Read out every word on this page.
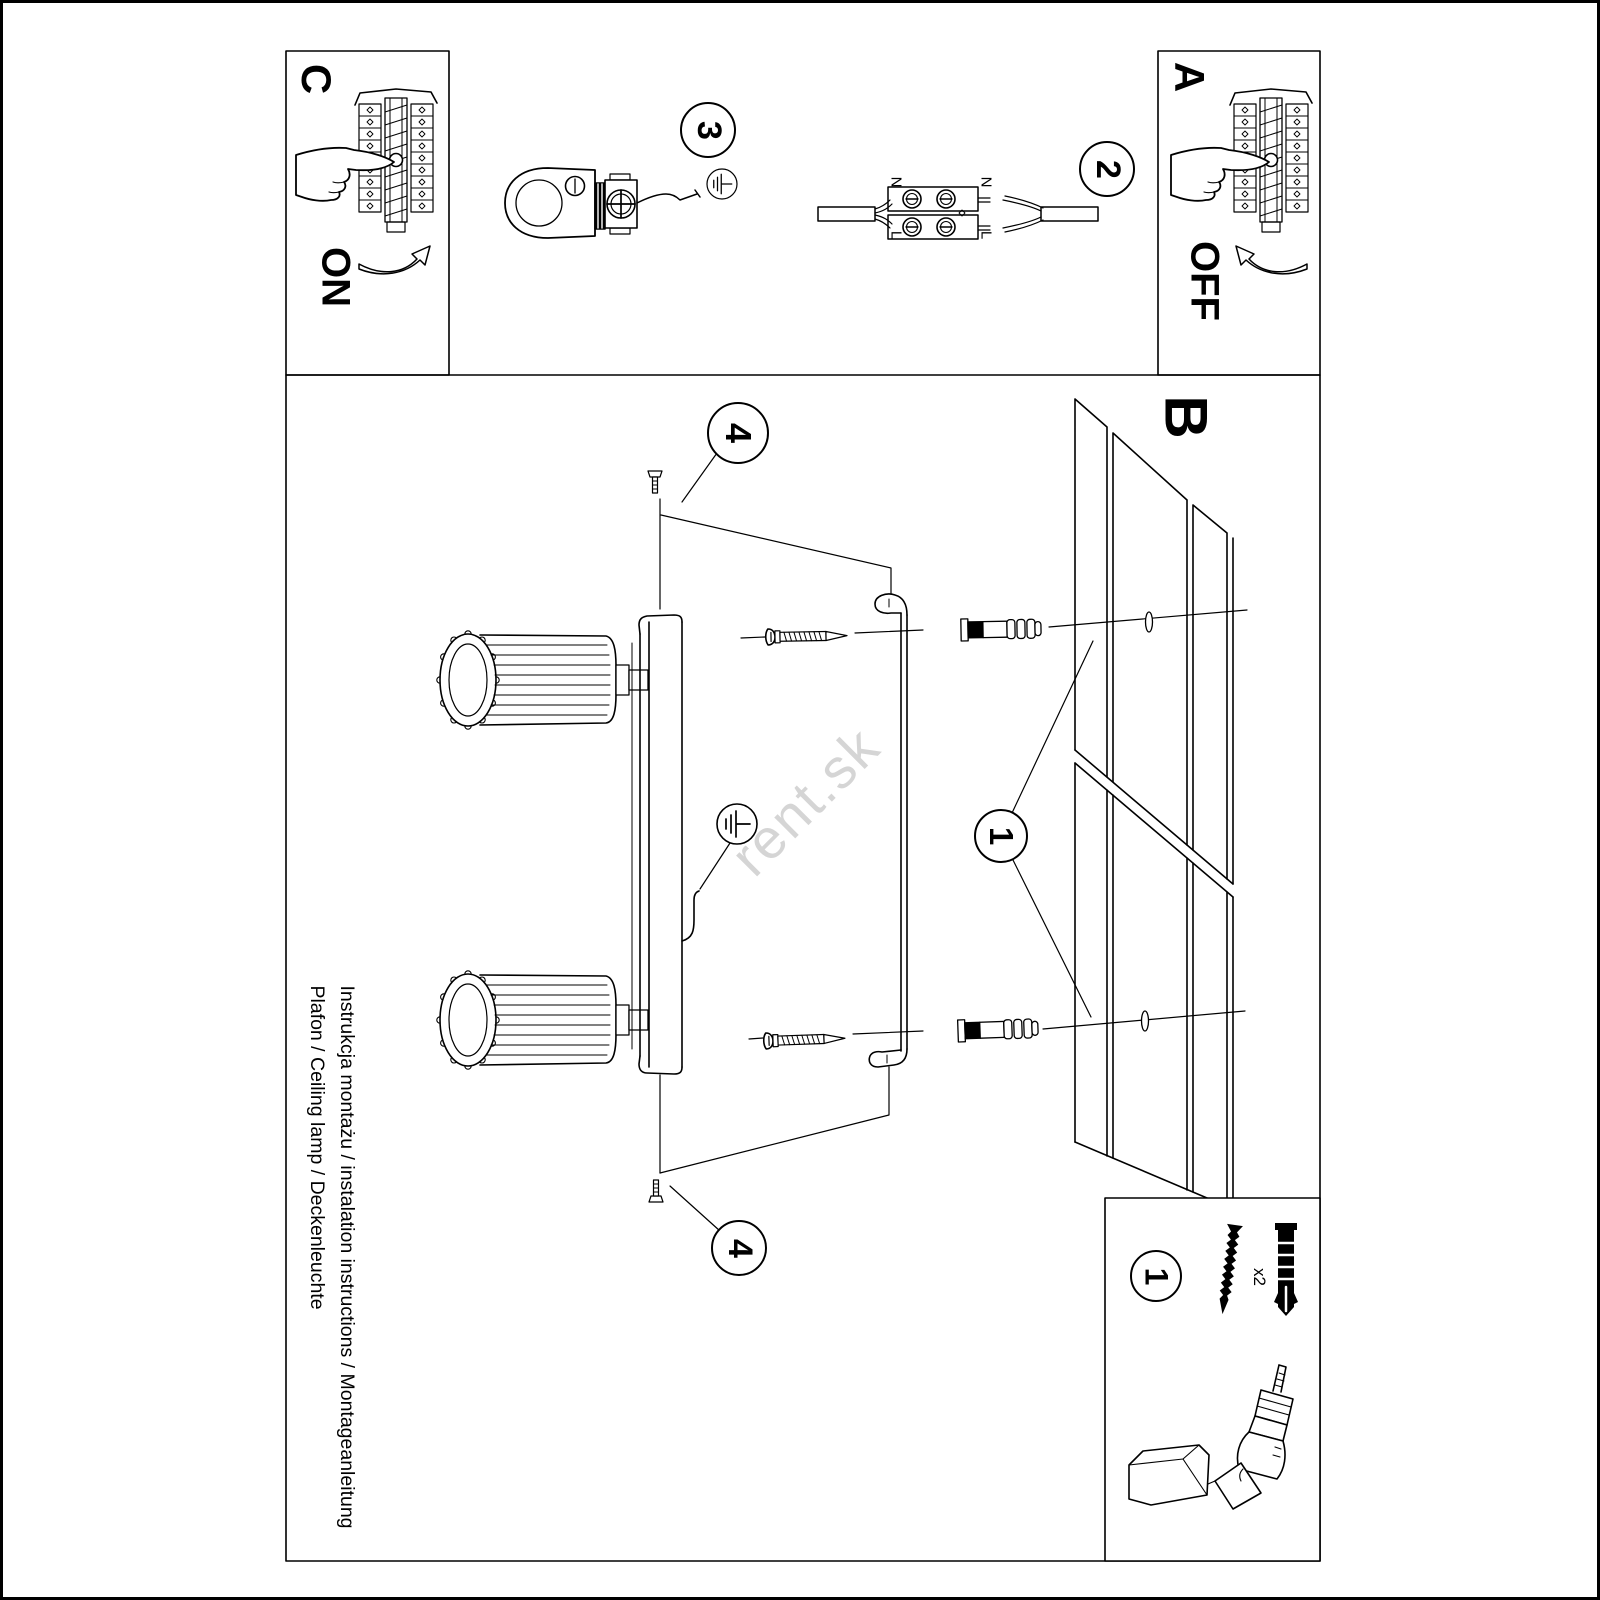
rent.sk
C
ON
A
OFF
B
3
2
4
4
1
1
N	N
L	L
x2
Instrukcja montażu / instalation instructions / Montageanleitung
Plafon / Ceiling lamp / Deckenleuchte
